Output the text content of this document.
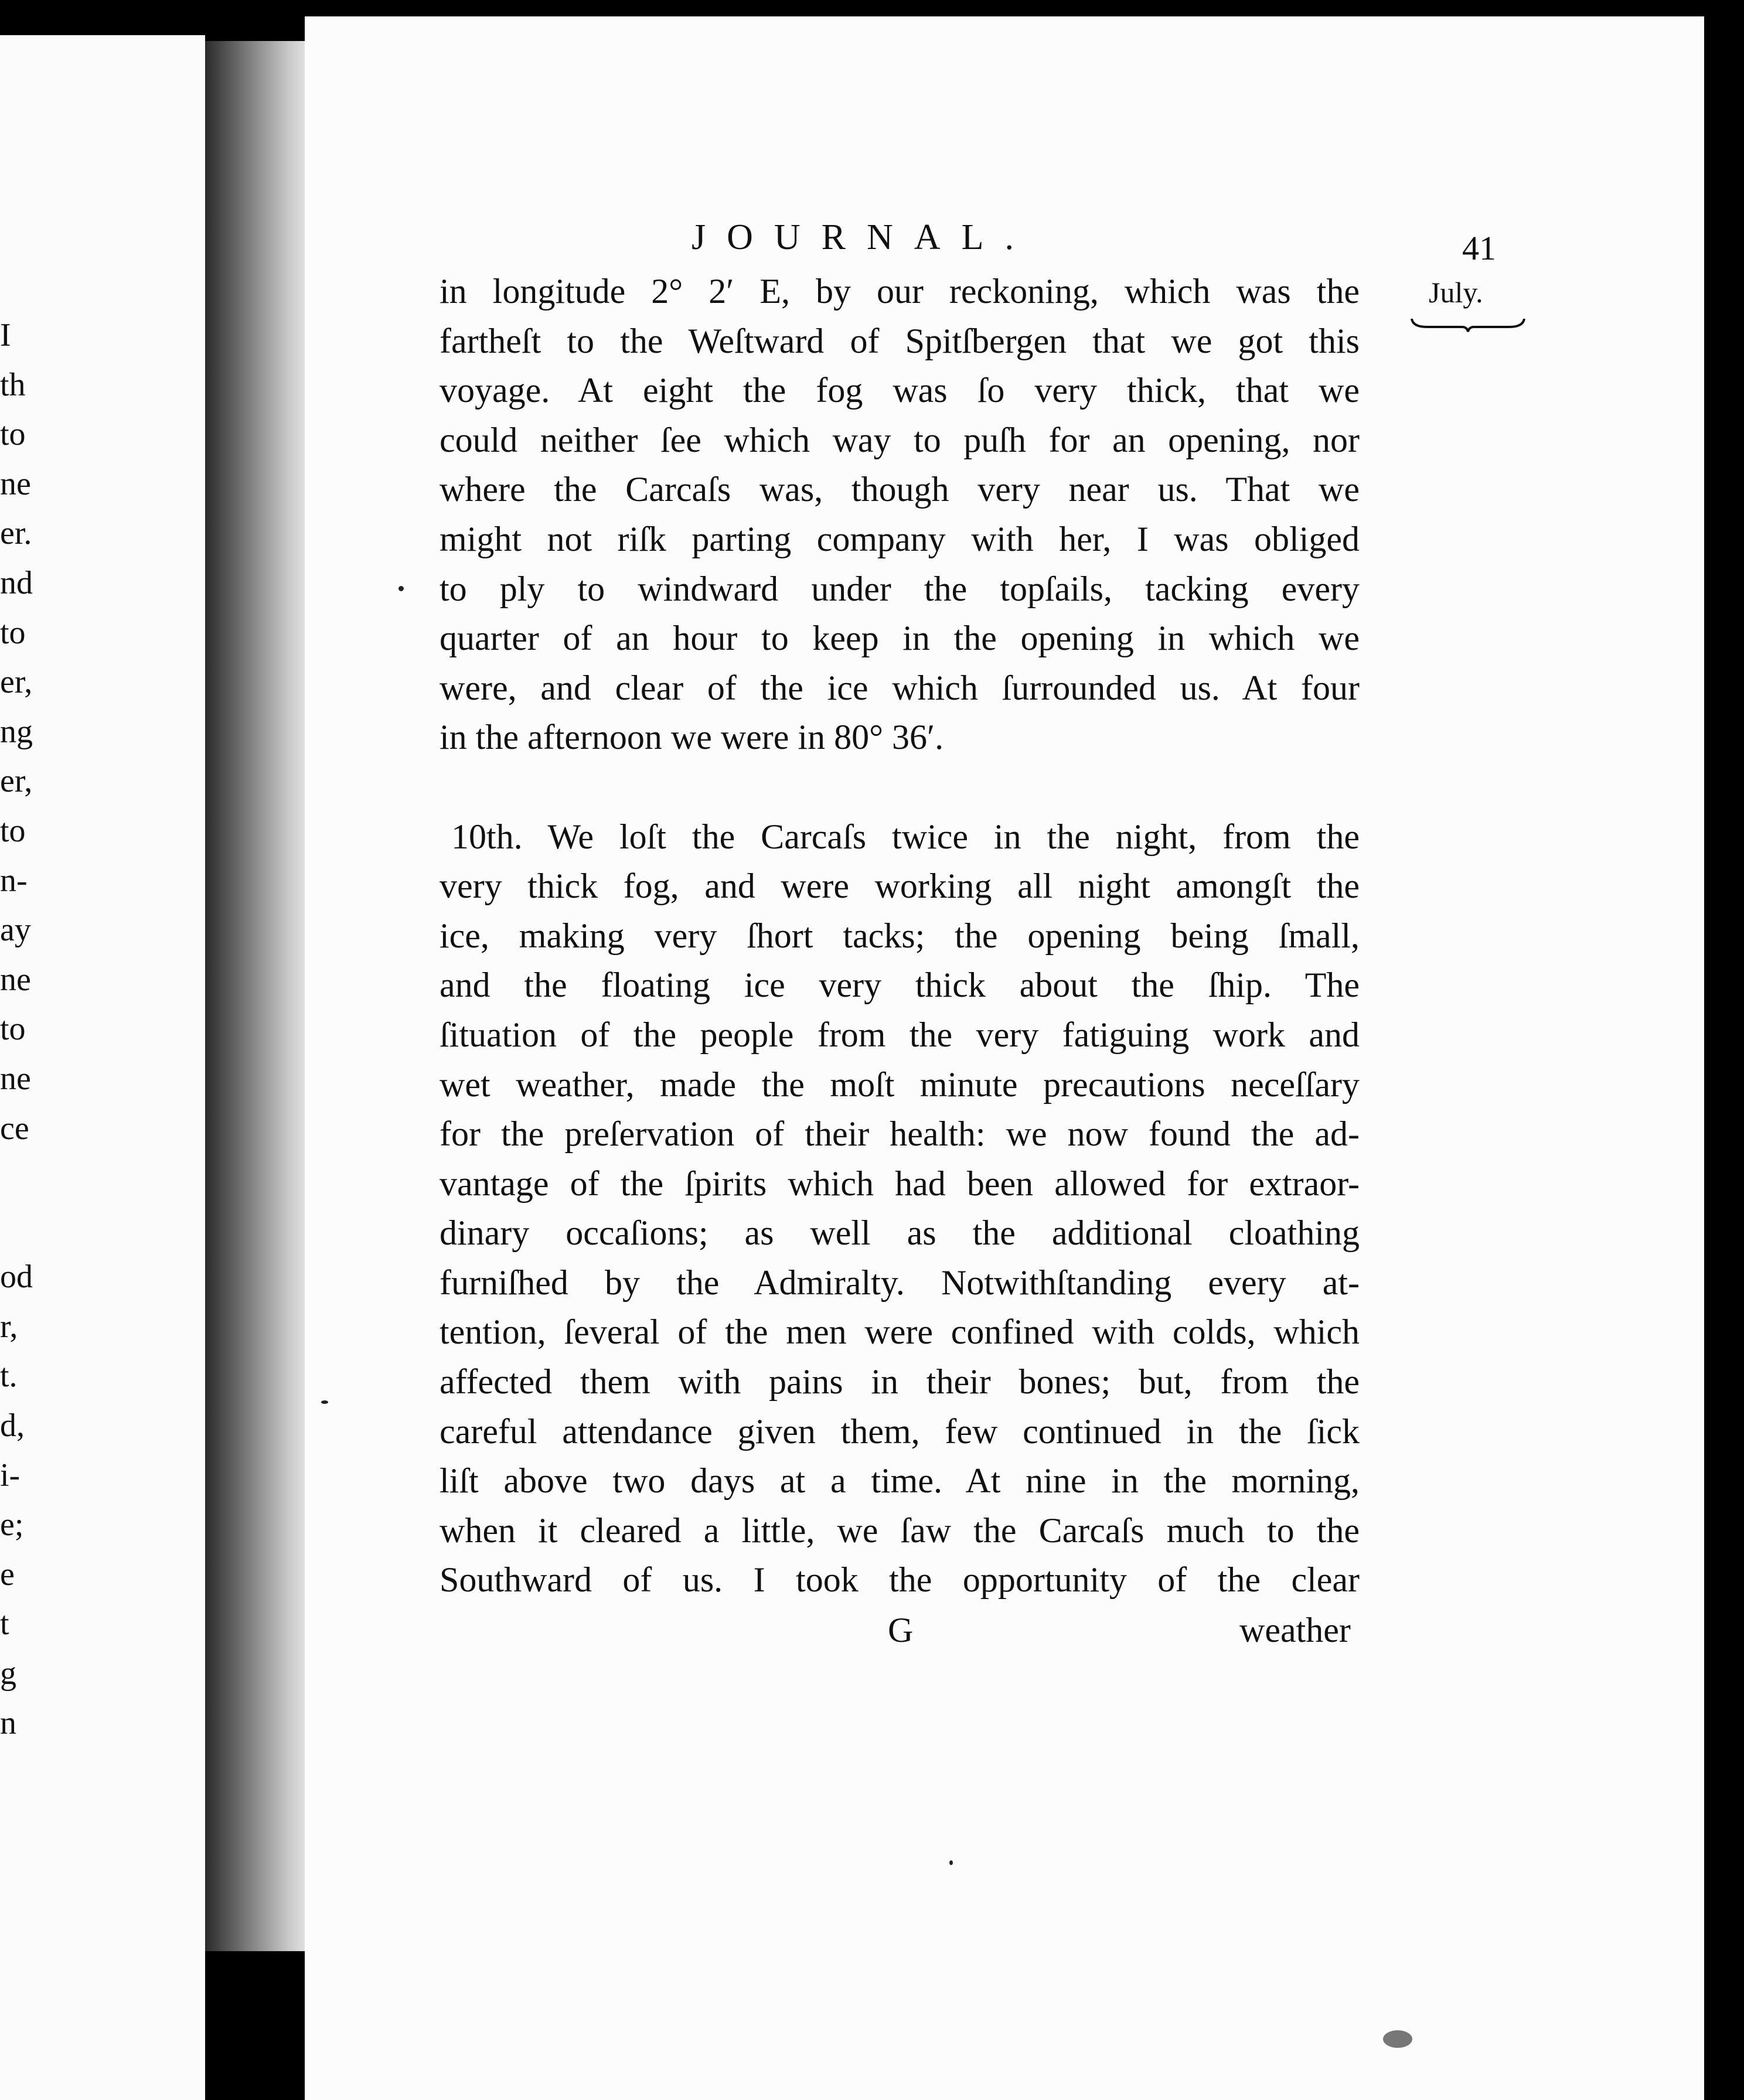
I
th
to
ne
er.
nd
to
er,
ng
er,
to
n-
ay
ne
to
ne
ce
od
r,
t.
d,
i-
e;
e
t
g
n
JOURNAL.	41
July.
in longitude 2° 2′ E, by our reckoning, which was the
fartheſt to the Weſtward of Spitſbergen that we got this
voyage. At eight the fog was ſo very thick, that we
could neither ſee which way to puſh for an opening, nor
where the Carcaſs was, though very near us. That we
might not riſk parting company with her, I was obliged
to ply to windward under the topſails, tacking every
quarter of an hour to keep in the opening in which we
were, and clear of the ice which ſurrounded us. At four
in the afternoon we were in 80° 36′.
10th. We loſt the Carcaſs twice in the night, from the
very thick fog, and were working all night amongſt the
ice, making very ſhort tacks; the opening being ſmall,
and the floating ice very thick about the ſhip. The
ſituation of the people from the very fatiguing work and
wet weather, made the moſt minute precautions neceſſary
for the preſervation of their health: we now found the ad-
vantage of the ſpirits which had been allowed for extraor-
dinary occaſions; as well as the additional cloathing
furniſhed by the Admiralty. Notwithſtanding every at-
tention, ſeveral of the men were confined with colds, which
affected them with pains in their bones; but, from the
careful attendance given them, few continued in the ſick
liſt above two days at a time. At nine in the morning,
when it cleared a little, we ſaw the Carcaſs much to the
Southward of us. I took the opportunity of the clear
G	weather
